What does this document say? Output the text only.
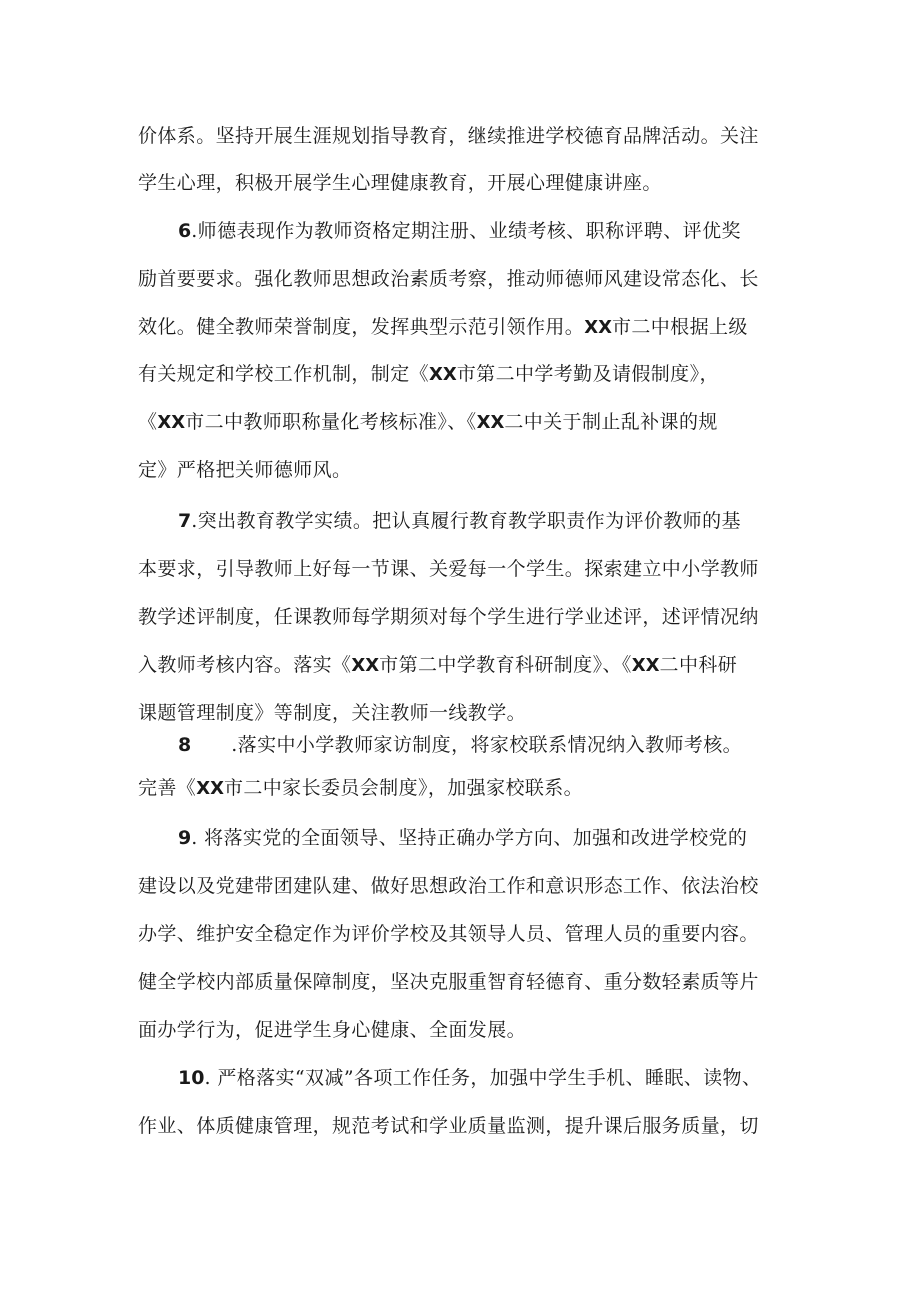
价体系。坚持开展生涯规划指导教育，继续推进学校德育品牌活动。关注
学生心理，积极开展学生心理健康教育，开展心理健康讲座。
6.师德表现作为教师资格定期注册、业绩考核、职称评聘、评优奖
励首要要求。强化教师思想政治素质考察，推动师德师风建设常态化、长
效化。健全教师荣誉制度，发挥典型示范引领作用。XX市二中根据上级
有关规定和学校工作机制，制定《XX市第二中学考勤及请假制度》，
《XX市二中教师职称量化考核标准》、《XX二中关于制止乱补课的规
定》严格把关师德师风。
7.突出教育教学实绩。把认真履行教育教学职责作为评价教师的基
本要求，引导教师上好每一节课、关爱每一个学生。探索建立中小学教师
教学述评制度，任课教师每学期须对每个学生进行学业述评，述评情况纳
入教师考核内容。落实《XX市第二中学教育科研制度》、《XX二中科研
课题管理制度》等制度，关注教师一线教学。
8 .落实中小学教师家访制度，将家校联系情况纳入教师考核。
完善《XX市二中家长委员会制度》，加强家校联系。
9. 将落实党的全面领导、坚持正确办学方向、加强和改进学校党的
建设以及党建带团建队建、做好思想政治工作和意识形态工作、依法治校
办学、维护安全稳定作为评价学校及其领导人员、管理人员的重要内容。
健全学校内部质量保障制度，坚决克服重智育轻德育、重分数轻素质等片
面办学行为，促进学生身心健康、全面发展。
10. 严格落实“双减”各项工作任务，加强中学生手机、睡眠、读物、
作业、体质健康管理，规范考试和学业质量监测，提升课后服务质量，切
